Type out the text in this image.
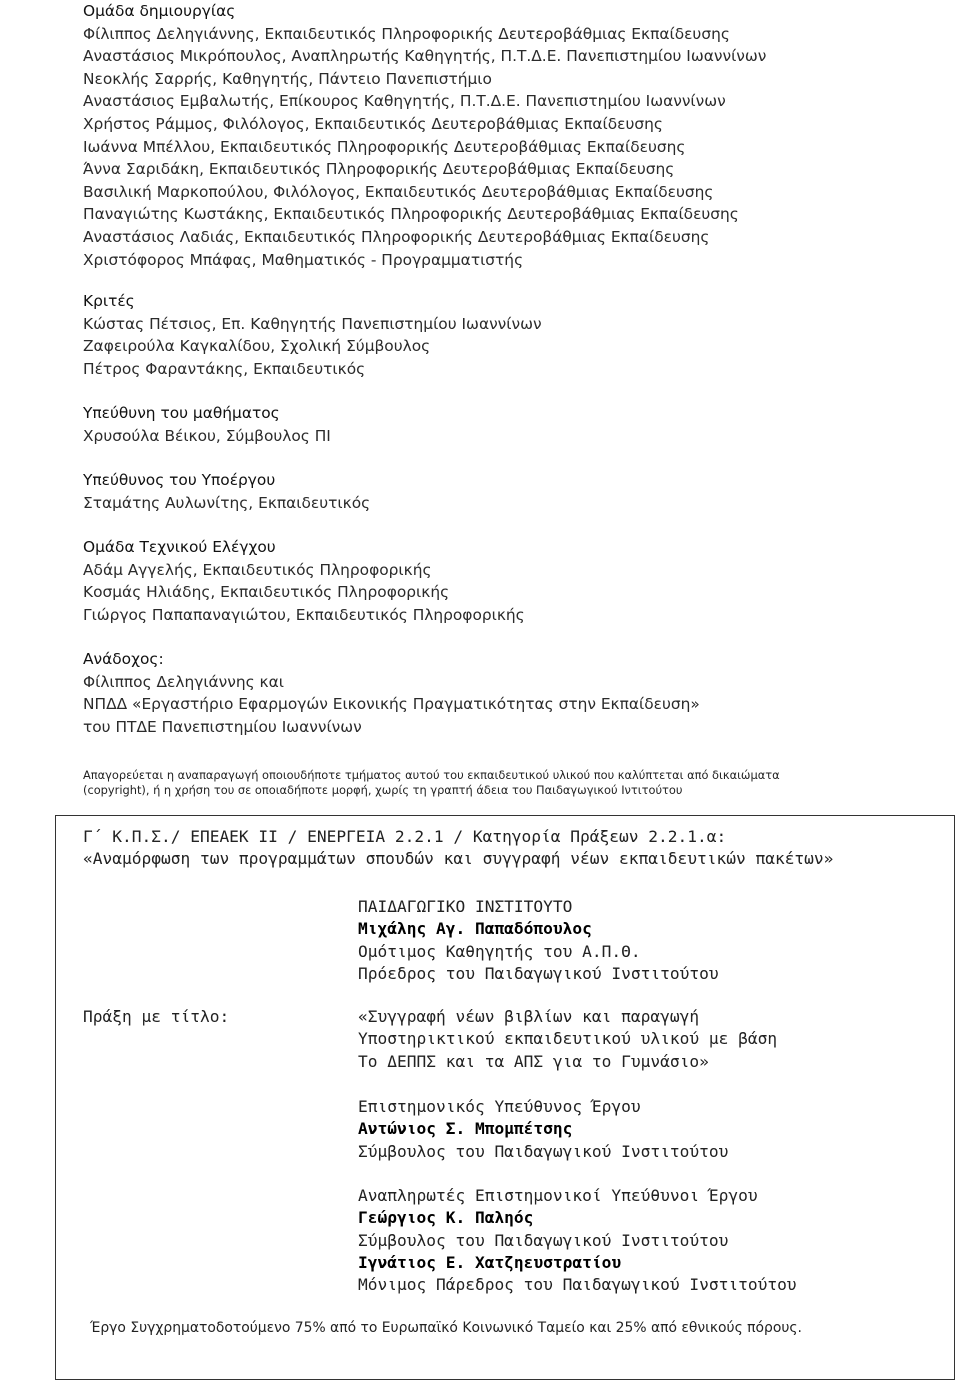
Ομάδα δημιουργίας
Φίλιππος Δεληγιάννης, Εκπαιδευτικός Πληροφορικής Δευτεροβάθμιας Εκπαίδευσης
Αναστάσιος Μικρόπουλος, Αναπληρωτής Καθηγητής, Π.Τ.Δ.Ε. Πανεπιστημίου Ιωαννίνων
Νεοκλής Σαρρής, Καθηγητής, Πάντειο Πανεπιστήμιο
Αναστάσιος Εμβαλωτής, Επίκουρος Καθηγητής, Π.Τ.Δ.Ε. Πανεπιστημίου Ιωαννίνων
Χρήστος Ράμμος, Φιλόλογος, Εκπαιδευτικός Δευτεροβάθμιας Εκπαίδευσης
Ιωάννα Μπέλλου, Εκπαιδευτικός Πληροφορικής Δευτεροβάθμιας Εκπαίδευσης
Άννα Σαριδάκη, Εκπαιδευτικός Πληροφορικής Δευτεροβάθμιας Εκπαίδευσης
Βασιλική Μαρκοπούλου, Φιλόλογος, Εκπαιδευτικός Δευτεροβάθμιας Εκπαίδευσης
Παναγιώτης Κωστάκης, Εκπαιδευτικός Πληροφορικής Δευτεροβάθμιας Εκπαίδευσης
Αναστάσιος Λαδιάς, Εκπαιδευτικός Πληροφορικής Δευτεροβάθμιας Εκπαίδευσης
Χριστόφορος Μπάφας, Μαθηματικός - Προγραμματιστής
Κριτές
Κώστας Πέτσιος, Επ. Καθηγητής Πανεπιστημίου Ιωαννίνων
Ζαφειρούλα Καγκαλίδου, Σχολική Σύμβουλος
Πέτρος Φαραντάκης, Εκπαιδευτικός
Υπεύθυνη του μαθήματος
Χρυσούλα Βέικου, Σύμβουλος ΠΙ
Υπεύθυνος του Υποέργου
Σταμάτης Αυλωνίτης, Εκπαιδευτικός
Ομάδα Τεχνικού Ελέγχου
Αδάμ Αγγελής, Εκπαιδευτικός Πληροφορικής
Κοσμάς Ηλιάδης, Εκπαιδευτικός Πληροφορικής
Γιώργος Παπαπαναγιώτου, Εκπαιδευτικός Πληροφορικής
Ανάδοχος:
Φίλιππος Δεληγιάννης και
ΝΠΔΔ «Εργαστήριο Εφαρμογών Εικονικής Πραγματικότητας στην Εκπαίδευση»
του ΠΤΔΕ Πανεπιστημίου Ιωαννίνων
Απαγορεύεται η αναπαραγωγή οποιουδήποτε τμήματος αυτού του εκπαιδευτικού υλικού που καλύπτεται από δικαιώματα
(copyright), ή η χρήση του σε οποιαδήποτε μορφή, χωρίς τη γραπτή άδεια του Παιδαγωγικού Ιντιτούτου
Γ΄ Κ.Π.Σ./ ΕΠΕΑΕΚ ΙΙ / ΕΝΕΡΓΕΙΑ 2.2.1 / Κατηγορία Πράξεων 2.2.1.α:
«Αναμόρφωση των προγραμμάτων σπουδών και συγγραφή νέων εκπαιδευτικών πακέτων»
ΠΑΙΔΑΓΩΓΙΚΟ ΙΝΣΤΙΤΟΥΤΟ
Μιχάλης Αγ. Παπαδόπουλος
Ομότιμος Καθηγητής του Α.Π.Θ.
Πρόεδρος του Παιδαγωγικού Ινστιτούτου
Πράξη με τίτλο:	«Συγγραφή νέων βιβλίων και παραγωγή
Υποστηρικτικού εκπαιδευτικού υλικού με βάση
Το ΔΕΠΠΣ και τα ΑΠΣ για το Γυμνάσιο»
Επιστημονικός Υπεύθυνος Έργου
Αντώνιος Σ. Μπομπέτσης
Σύμβουλος του Παιδαγωγικού Ινστιτούτου
Αναπληρωτές Επιστημονικοί Υπεύθυνοι Έργου
Γεώργιος Κ. Παληός
Σύμβουλος του Παιδαγωγικού Ινστιτούτου
Ιγνάτιος Ε. Χατζηευστρατίου
Μόνιμος Πάρεδρος του Παιδαγωγικού Ινστιτούτου
Έργο Συγχρηματοδοτούμενο 75% από το Ευρωπαϊκό Κοινωνικό Ταμείο και 25% από εθνικούς πόρους.
